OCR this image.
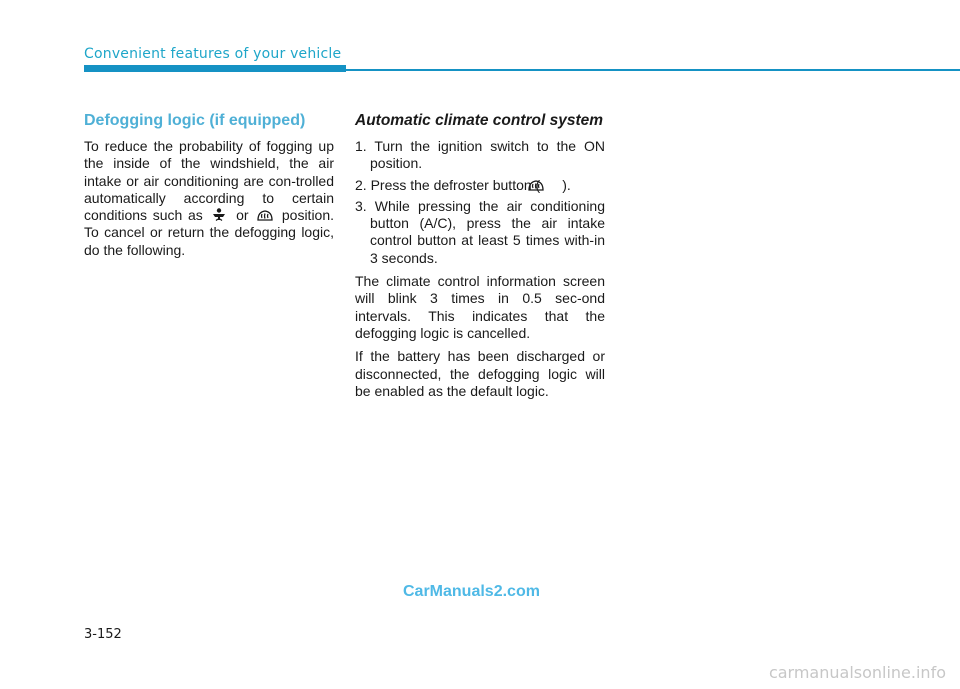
Convenient features of your vehicle
Defogging logic (if equipped)

To reduce the probability of fogging up the inside of the windshield, the air intake or air conditioning are con-trolled automatically according to certain conditions such as or position. To cancel or return the defogging logic, do the following.

Automatic climate control system
1. Turn the ignition switch to the ON position.
2. Press the defroster button ( ).
3. While pressing the air conditioning button (A/C), press the air intake control button at least 5 times with-in 3 seconds.

The climate control information screen will blink 3 times in 0.5 sec-ond intervals. This indicates that the defogging logic is cancelled.

If the battery has been discharged or disconnected, the defogging logic will be enabled as the default logic.

CarManuals2.com
3-152
carmanualsonline.info
